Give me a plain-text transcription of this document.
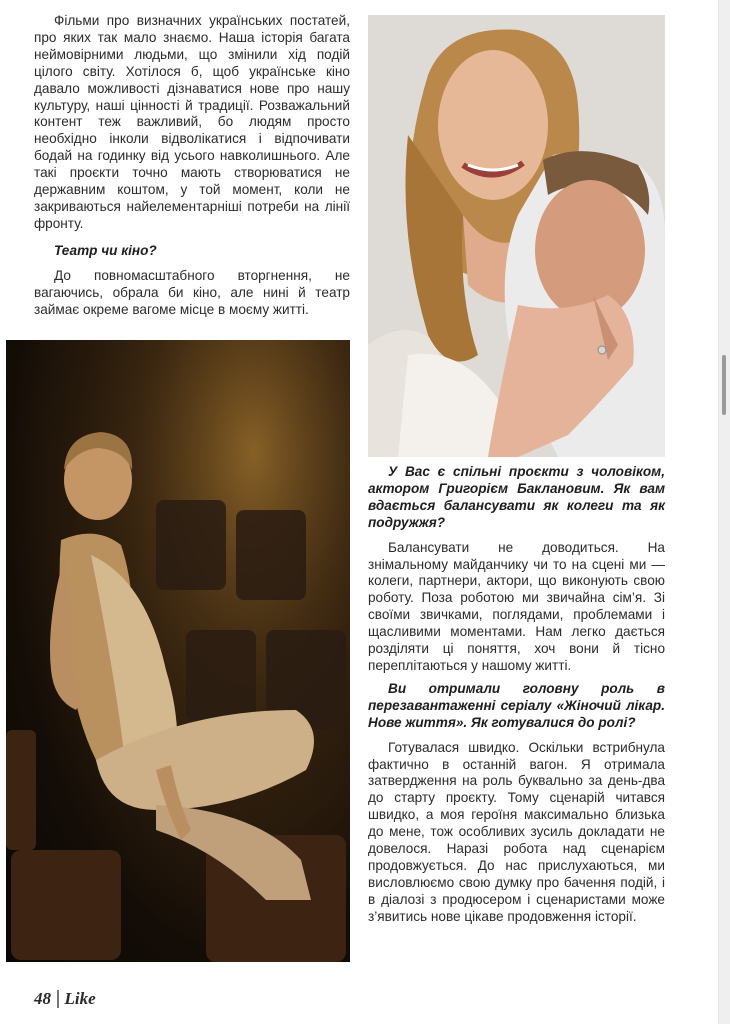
Фільми про визначних українських постатей, про яких так мало знаємо. Наша історія багата неймовірними людьми, що змінили хід подій цілого світу. Хотілося б, щоб українське кіно давало можливості дізнаватися нове про нашу культуру, наші цінності й традиції. Розважальний контент теж важливий, бо людям просто необхідно інколи відволікатися і відпочивати бодай на годинку від усього навколишнього. Але такі проєкти точно мають створюватися не державним коштом, у той момент, коли не закриваються найелементарніші потреби на лінії фронту.

Театр чи кіно?

До повномасштабного вторгнення, не вагаючись, обрала би кіно, але нині й театр займає окреме вагоме місце в моєму житті.

У Вас є спільні проєкти з чоловіком, актором Григорієм Баклановим. Як вам вдається балансувати як колеги та як подружжя?

Балансувати не доводиться. На знімальному майданчику чи то на сцені ми — колеги, партнери, актори, що виконують свою роботу. Поза роботою ми звичайна сім’я. Зі своїми звичками, поглядами, проблемами і щасливими моментами. Нам легко дається розділяти ці поняття, хоч вони й тісно переплітаються у нашому житті.

Ви отримали головну роль в перезавантаженні серіалу «Жіночий лікар. Нове життя». Як готувалися до ролі?

Готувалася швидко. Оскільки встрибнула фактично в останній вагон. Я отримала затвердження на роль буквально за день-два до старту проєкту. Тому сценарій читався швидко, а моя героїня максимально близька до мене, тож особливих зусиль докладати не довелося. Наразі робота над сценарієм продовжується. До нас прислухаються, ми висловлюємо свою думку про бачення подій, і в діалозі з продюсером і сценаристами може з’явитись нове цікаве продовження історії.

48 Like
